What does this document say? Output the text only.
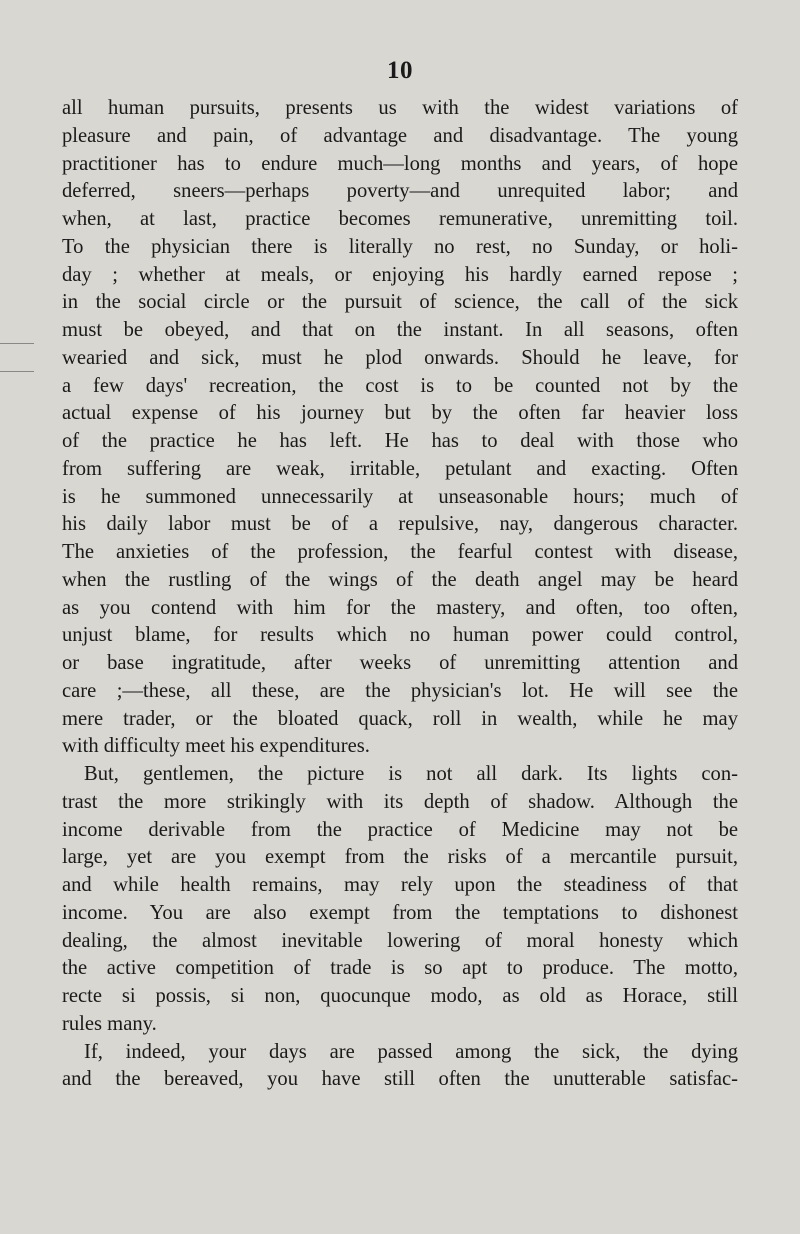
10
all human pursuits, presents us with the widest variations of
pleasure and pain, of advantage and disadvantage. The young
practitioner has to endure much—long months and years, of hope
deferred, sneers—perhaps poverty—and unrequited labor; and
when, at last, practice becomes remunerative, unremitting toil.
To the physician there is literally no rest, no Sunday, or holi-
day ; whether at meals, or enjoying his hardly earned repose ;
in the social circle or the pursuit of science, the call of the sick
must be obeyed, and that on the instant. In all seasons, often
wearied and sick, must he plod onwards. Should he leave, for
a few days' recreation, the cost is to be counted not by the
actual expense of his journey but by the often far heavier loss
of the practice he has left. He has to deal with those who
from suffering are weak, irritable, petulant and exacting. Often
is he summoned unnecessarily at unseasonable hours; much of
his daily labor must be of a repulsive, nay, dangerous character.
The anxieties of the profession, the fearful contest with disease,
when the rustling of the wings of the death angel may be heard
as you contend with him for the mastery, and often, too often,
unjust blame, for results which no human power could control,
or base ingratitude, after weeks of unremitting attention and
care ;—these, all these, are the physician's lot. He will see the
mere trader, or the bloated quack, roll in wealth, while he may
with difficulty meet his expenditures.
But, gentlemen, the picture is not all dark. Its lights con-
trast the more strikingly with its depth of shadow. Although the
income derivable from the practice of Medicine may not be
large, yet are you exempt from the risks of a mercantile pursuit,
and while health remains, may rely upon the steadiness of that
income. You are also exempt from the temptations to dishonest
dealing, the almost inevitable lowering of moral honesty which
the active competition of trade is so apt to produce. The motto,
recte si possis, si non, quocunque modo, as old as Horace, still
rules many.
If, indeed, your days are passed among the sick, the dying
and the bereaved, you have still often the unutterable satisfac-
